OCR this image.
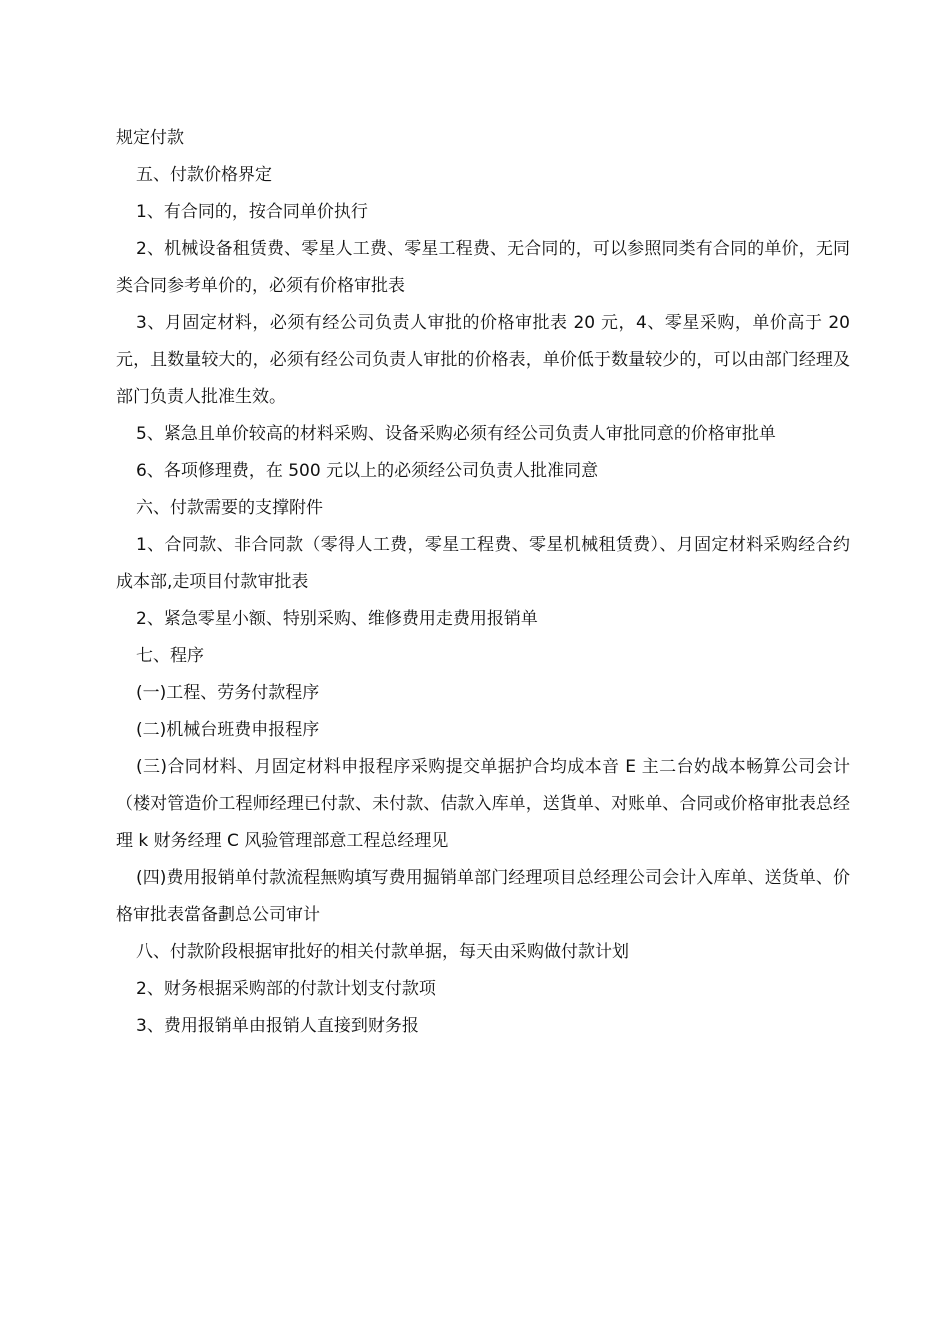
规定付款

五、付款价格界定

1、有合同的，按合同单价执行

2、机械设备租赁费、零星人工费、零星工程费、无合同的，可以参照同类有合同的单价，无同类合同参考单价的，必须有价格审批表

3、月固定材料，必须有经公司负责人审批的价格审批表 20 元，4、零星采购，单价高于 20 元，且数量较大的，必须有经公司负责人审批的价格表，单价低于数量较少的，可以由部门经理及部门负责人批准生效。

5、紧急且单价较高的材料采购、设备采购必须有经公司负责人审批同意的价格审批单

6、各项修理费，在 500 元以上的必须经公司负责人批准同意

六、付款需要的支撑附件

1、合同款、非合同款（零得人工费，零星工程费、零星机械租赁费）、月固定材料采购经合约成本部,走项目付款审批表

2、紧急零星小额、特别采购、维修费用走费用报销单

七、程序

(一)工程、劳务付款程序

(二)机械台班费申报程序

(三)合同材料、月固定材料申报程序采购提交单据护合均成本音 E 主二台妁战本畅算公司会计（楼对管造价工程师经理已付款、未付款、佶款入库单，送貨单、对账单、合同或价格审批表总经理 k 财务经理 C 风验管理部意工程总经理见

(四)费用报销单付款流程無购填写费用掘销单部门经理项目总经理公司会计入库单、送货单、价格审批表當备劃总公司审计

八、付款阶段根据审批好的相关付款单据，每天由采购做付款计划

2、财务根据采购部的付款计划支付款项

3、费用报销单由报销人直接到财务报
